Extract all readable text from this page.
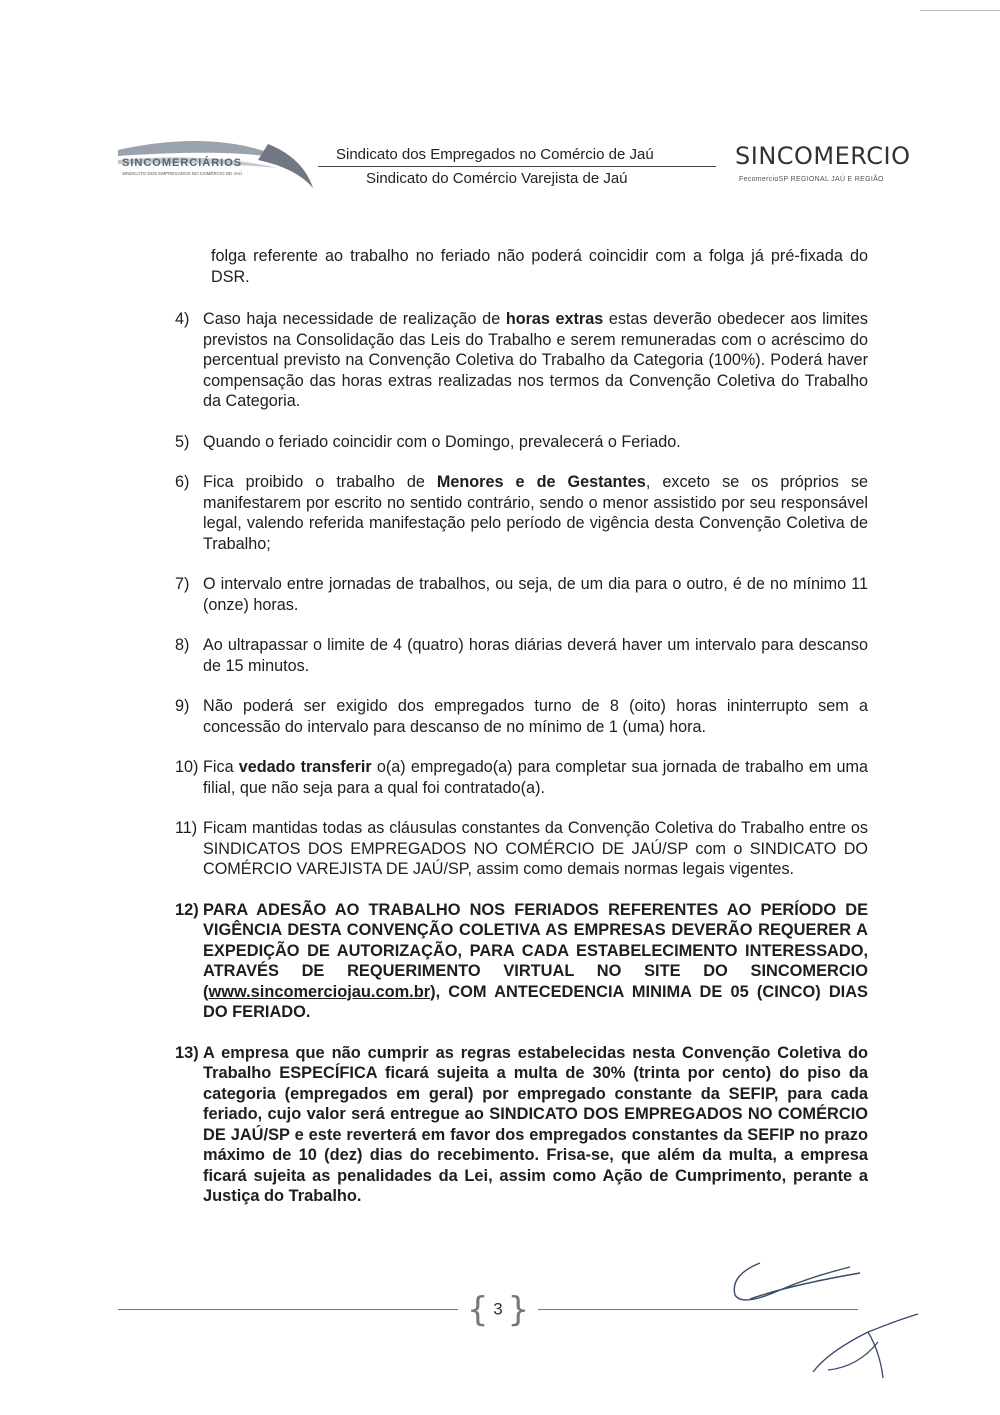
SINCOMERCIÁRIOS
SINDICATO DOS EMPREGADOS NO COMÉRCIO DE JAÚ
Sindicato dos Empregados no Comércio de Jaú
Sindicato do Comércio Varejista de Jaú
SINCOMERCIO
FecomercioSP REGIONAL JAÚ E REGIÃO

folga referente ao trabalho no feriado não poderá coincidir com a folga já pré-fixada do DSR.

4) Caso haja necessidade de realização de horas extras estas deverão obedecer aos limites previstos na Consolidação das Leis do Trabalho e serem remuneradas com o acréscimo do percentual previsto na Convenção Coletiva do Trabalho da Categoria (100%). Poderá haver compensação das horas extras realizadas nos termos da Convenção Coletiva do Trabalho da Categoria.
5) Quando o feriado coincidir com o Domingo, prevalecerá o Feriado.
6) Fica proibido o trabalho de Menores e de Gestantes, exceto se os próprios se manifestarem por escrito no sentido contrário, sendo o menor assistido por seu responsável legal, valendo referida manifestação pelo período de vigência desta Convenção Coletiva de Trabalho;
7) O intervalo entre jornadas de trabalhos, ou seja, de um dia para o outro, é de no mínimo 11 (onze) horas.
8) Ao ultrapassar o limite de 4 (quatro) horas diárias deverá haver um intervalo para descanso de 15 minutos.
9) Não poderá ser exigido dos empregados turno de 8 (oito) horas ininterrupto sem a concessão do intervalo para descanso de no mínimo de 1 (uma) hora.
10) Fica vedado transferir o(a) empregado(a) para completar sua jornada de trabalho em uma filial, que não seja para a qual foi contratado(a).
11) Ficam mantidas todas as cláusulas constantes da Convenção Coletiva do Trabalho entre os SINDICATOS DOS EMPREGADOS NO COMÉRCIO DE JAÚ/SP com o SINDICATO DO COMÉRCIO VAREJISTA DE JAÚ/SP, assim como demais normas legais vigentes.
12) PARA ADESÃO AO TRABALHO NOS FERIADOS REFERENTES AO PERÍODO DE VIGÊNCIA DESTA CONVENÇÃO COLETIVA AS EMPRESAS DEVERÃO REQUERER A EXPEDIÇÃO DE AUTORIZAÇÃO, PARA CADA ESTABELECIMENTO INTERESSADO, ATRAVÉS DE REQUERIMENTO VIRTUAL NO SITE DO SINCOMERCIO (www.sincomerciojau.com.br), COM ANTECEDENCIA MINIMA DE 05 (CINCO) DIAS DO FERIADO.
13) A empresa que não cumprir as regras estabelecidas nesta Convenção Coletiva do Trabalho ESPECÍFICA ficará sujeita a multa de 30% (trinta por cento) do piso da categoria (empregados em geral) por empregado constante da SEFIP, para cada feriado, cujo valor será entregue ao SINDICATO DOS EMPREGADOS NO COMÉRCIO DE JAÚ/SP e este reverterá em favor dos empregados constantes da SEFIP no prazo máximo de 10 (dez) dias do recebimento. Frisa-se, que além da multa, a empresa ficará sujeita as penalidades da Lei, assim como Ação de Cumprimento, perante a Justiça do Trabalho.
{ 3 }
